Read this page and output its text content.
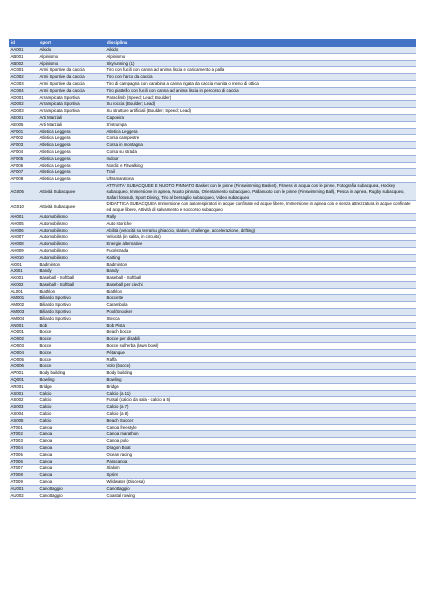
id	sport	disciplina
AA001	Aikido	Aikido
AB001	Alpinismo	Alpinismo
AB002	Alpinismo	Skyrunning (1)
AC001	Armi Sportive da caccia	Tiro con fucili con canna ad anima liscia e caricamento a palla
AC002	Armi Sportive da caccia	Tiro con l'arco da caccia
AC003	Armi Sportive da caccia	Tiro di campagna con carabina a canna rigata da caccia munita o meno di ottica
AC004	Armi Sportive da caccia	Tiro piattello con fucili con canna ad anima liscia in percorso di caccia
AD001	Arrampicata Sportiva	Paraclimb (Speed; Lead; Boulder)
AD002	Arrampicata Sportiva	Su roccia (Boulder; Lead)
AD003	Arrampicata Sportiva	Su strutture artificiali (Boulder; Speed; Lead)
AE001	Arti Marziali	Capoeira
AE005	Arti Marziali	S'istrumpa
AF001	Atletica Leggera	Atletica Leggera
AF002	Atletica Leggera	Corsa campestre
AF003	Atletica Leggera	Corsa in montagna
AF004	Atletica Leggera	Corsa su strada
AF005	Atletica Leggera	Indoor
AF006	Atletica Leggera	Nordic e Fitwalking
AF007	Atletica Leggera	Trail
AF008	Atletica Leggera	Ultramaratona
AG005	Attività Subacquee	ATTIVITA' SUBACQUEE E NUOTO PINNATO Basket con le pinne (Finswimming Basket), Fitness in acqua con le pinne, Fotografia subacquea, Hockey subacqueo, Immersione in apnea, Nuoto pinnato, Orientamento subacqueo, Pallanuoto con le pinne (Finswimming Ball), Pesca in apnea, Rugby subacqueo, Safari fotosub, Sport Diving, Tiro al bersaglio subacqueo, Video subacqueo
AG010	Attività Subacquee	DIDATTICA SUBACQUEA Immersione con autorespiratori in acque confinate ed acque libere, Immersione in apnea con e senza attrezzatura in acque confinate ed acque libere, Attività di salvamento e soccorso subacqueo
AH001	Automobilismo	Rally
AH005	Automobilismo	Auto storiche
AH006	Automobilismo	Abilità (velocità su terra/su ghiaccio, slalom, challenge, accelerazione, drifting)
AH007	Automobilismo	Velocità (in salita, in circuito)
AH008	Automobilismo	Energie alternative
AH009	Automobilismo	Fuoristrada
AH010	Automobilismo	Karting
AI001	Badminton	Badminton
AJ001	Bandy	Bandy
AK001	Baseball - Softball	Baseball - Softball
AK002	Baseball - Softball	Baseball per ciechi
AL001	Biathlon	Biathlon
AM001	Biliardo Sportivo	Boccette
AM002	Biliardo Sportivo	Carambola
AM003	Biliardo Sportivo	Pool/Snooker
AM004	Biliardo Sportivo	Stecca
AN001	Bob	Bob Pista
AO001	Bocce	Beach bocce
AO002	Bocce	Bocce per disabili
AO003	Bocce	Bocce sull'erba (lawn bowl)
AO004	Bocce	Pétanque
AO005	Bocce	Raffa
AO006	Bocce	Volo (bocce)
AP001	Body building	Body building
AQ001	Bowling	Bowling
AR001	Bridge	Bridge
AS001	Calcio	Calcio (a 11)
AS002	Calcio	Futsal (calcio da sala - calcio a 5)
AS003	Calcio	Calcio (a 7)
AS004	Calcio	Calcio (a 8)
AS005	Calcio	Beach Soccer
AT001	Canoa	Canoa freestyle
AT002	Canoa	Canoa marathon
AT003	Canoa	Canoa polo
AT004	Canoa	Dragon Boat
AT005	Canoa	Ocean racing
AT006	Canoa	Paracanoa
AT007	Canoa	Slalom
AT008	Canoa	Sprint
AT009	Canoa	Wildwater (Discesa)
AU001	Canottaggio	Canottaggio
AU002	Canottaggio	Coastal rowing
